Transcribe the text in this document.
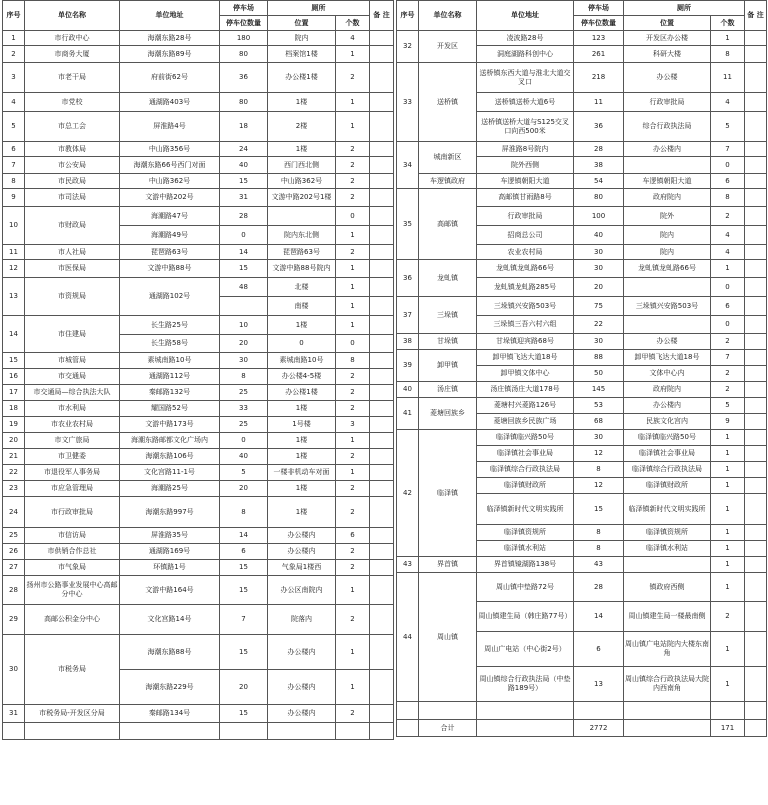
序号	单位名称	单位地址	停车场	厕所		备 注
			停车位数量	位置	个数	
1	市行政中心	海潮东路28号	180	院内	4	
2	市商务大厦	海潮东路89号	80	档案馆1楼	1	
3	市老干局	府前街62号	36	办公楼1楼	2	
4	市党校	通湖路403号	80	1楼	1	
5	市总工会	屏淮路4号	18	2楼	1	
6	市教体局	中山路356号	24	1楼	2	
7	市公安局	海潮东路66号西门对面	40	西门西北侧	2	
8	市民政局	中山路362号	15	中山路362号	2	
9	市司法局	文游中路202号	31	文游中路202号1楼	2	
10	市财政局	海潮路47号	28		0	
		海潮路49号	0	院内东北侧	1	
11	市人社局	琵琶路63号	14	琵琶路63号	2	
12	市医保局	文游中路88号	15	文游中路88号院内	1	
13	市资规局	通湖路102号	48	北楼	1	
				南楼	1	
14	市住建局	长生路25号	10	1楼	1	
		长生路58号	20	0	0	
15	市城管局	素城南路10号	30	素城南路10号	8	
16	市交通局	通湖路112号	8	办公楼4-5楼	2	
17	市交通局—综合执法大队	秦邮路132号	25	办公楼1楼	2	
18	市水利局	耀国路52号	33	1楼	2	
19	市农业农村局	文游中路173号	25	1号楼	3	
20	市文广旅局	海潮东路邮都文化广场内	0	1楼	1	
21	市卫健委	海潮东路106号	40	1楼	2	
22	市退役军人事务局	文化宫路11-1号	5	一楼非机动车对面	1	
23	市应急管理局	海潮路25号	20	1楼	2	
24	市行政审批局	海潮东路997号	8	1楼	2	
25	市信访局	屏淮路35号	14	办公楼内	6	
26	市供销合作总社	通湖路169号	6	办公楼内	2	
27	市气象局	环镇路1号	15	气象局1楼西	2	
28	扬州市公路事业发展中心高邮分中心	文游中路164号	15	办公区南院内	1	
29	高邮公积金分中心	文化宫路14号	7	院落内	2	
30	市税务局	海潮东路88号	15	办公楼内	1	
		海潮东路229号	20	办公楼内	1	
31	市税务局-开发区分局	秦邮路134号	15	办公楼内	2	

序号	单位名称	单位地址	停车场	厕所		备 注
			停车位数量	位置	个数	
32	开发区	凌波路28号	123	开发区办公楼	1	
		洞庭湖路科创中心	261	科研大楼	8	
33	送桥镇	送桥镇东西大道与淮北大道交叉口	218	办公楼	11	
		送桥镇送桥大道6号	11	行政审批局	4	
		送桥镇送桥大道与S125交叉口向西500米	36	综合行政执法局	5	
34	城南新区	屏淮路8号院内	28	办公楼内	7	
		院外西侧	38		0	
	车逻镇政府	车逻镇朝阳大道	54	车逻镇朝阳大道	6	
35	高邮镇	高邮镇甘雨路8号	80	政府院内	8	
		行政审批局	100	院外	2	
		招商总公司	40	院内	4	
		农业农村局	30	院内	4	
36	龙虬镇	龙虬镇龙虬路66号	30	龙虬镇龙虬路66号	1	
		龙虬镇龙虬路285号	20		0	
37	三垛镇	三垛镇兴安路503号	75	三垛镇兴安路503号	6	
		三垛镇三吾六村六组	22		0	
38	甘垛镇	甘垛镇迎宾路68号	30	办公楼	2	
39	卸甲镇	卸甲镇飞达大道18号	88	卸甲镇飞达大道18号	7	
		卸甲镇文体中心	50	文体中心内	2	
40	汤庄镇	汤庄镇汤庄大道178号	145	政府院内	2	
41	菱塘回族乡	菱塘村兴菱路126号	53	办公楼内	5	
		菱塘回族乡民族广场	68	民族文化宫内	9	
42	临泽镇	临泽镇临兴路50号	30	临泽镇临兴路50号	1	
		临泽镇社会事业局	12	临泽镇社会事业局	1	
		临泽镇综合行政执法局	8	临泽镇综合行政执法局	1	
		临泽镇财政所	12	临泽镇财政所	1	
		临泽镇新时代文明实践所	15	临泽镇新时代文明实践所	1	
		临泽镇资规所	8	临泽镇资规所	1	
		临泽镇水利站	8	临泽镇水利站	1	
43	界首镇	界首镇镜湖路138号	43		1	
44	周山镇	周山镇中垫路72号	28	镇政府西侧	1	
		周山镇建生局（韩庄路77号）	14	周山镇建生局一楼最南侧	2	
		周山广电站（中心街2号）	6	周山镇广电站院内大楼东南角	1	
		周山镇综合行政执法局（中垫路189号）	13	周山镇综合行政执法局大院内西南角	1	

	合计		2772		171	
